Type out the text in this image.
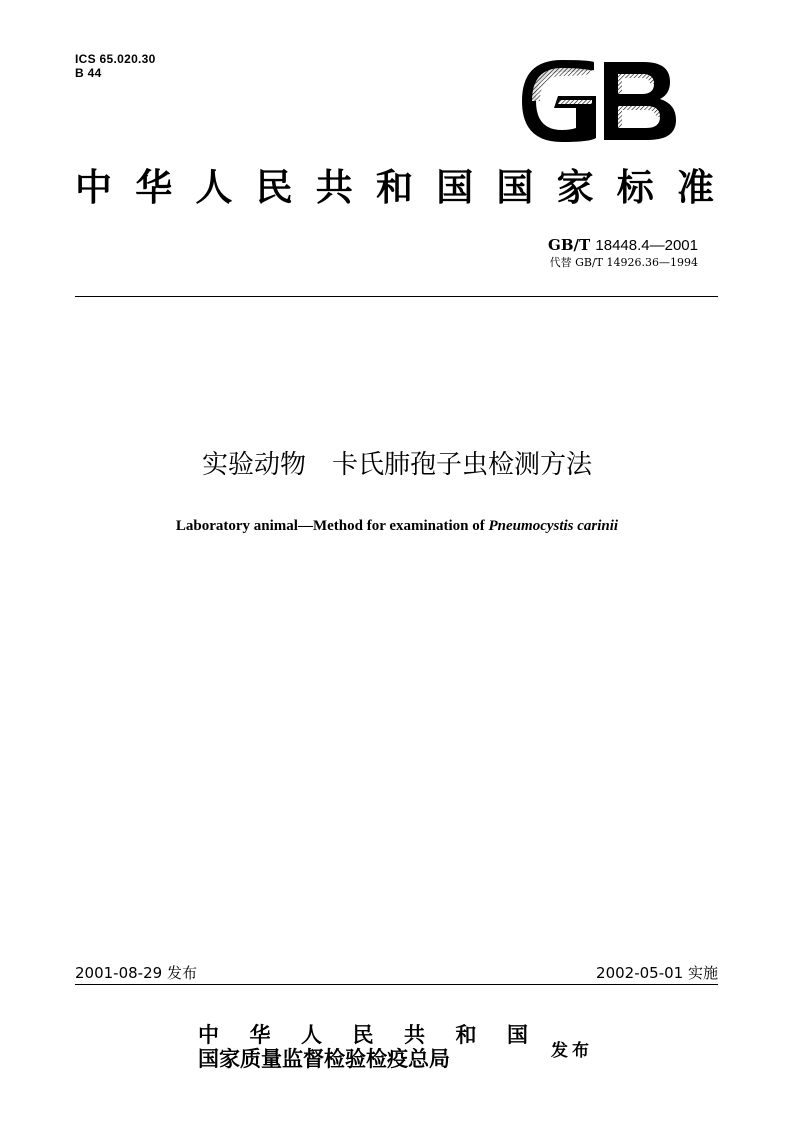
ICS 65.020.30
B 44
中华人民共和国国家标准
GB/T 18448.4—2001
代替 GB/T 14926.36—1994
实验动物　卡氏肺孢子虫检测方法
Laboratory animal—Method for examination of Pneumocystis carinii
2001-08-29 发布	2002-05-01 实施
中华人民共和国
国家质量监督检验检疫总局	发布
